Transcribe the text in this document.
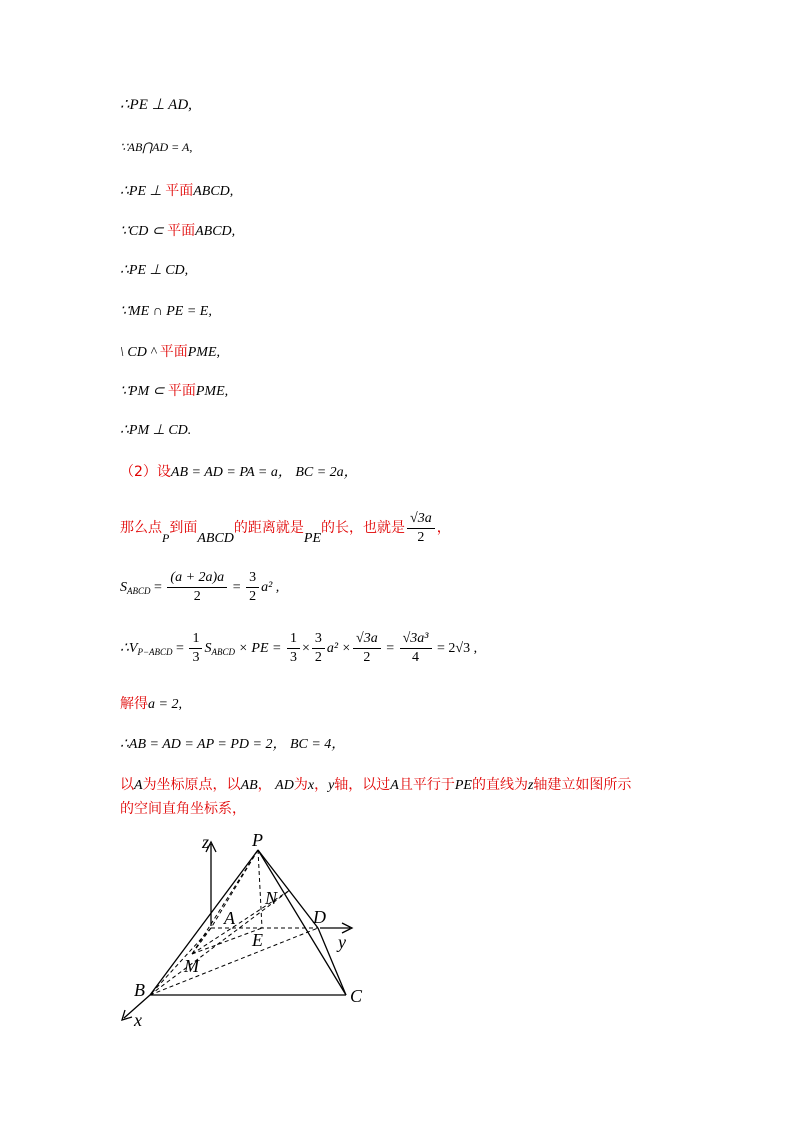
∴PE ⊥ AD,
∵AB⋂AD = A,
∴PE ⊥ 平面ABCD,
∵CD ⊂ 平面ABCD,
∴PE ⊥ CD,
∵ME ∩ PE = E,
\ CD ^ 平面PME,
∵PM ⊂ 平面PME,
∴PM ⊥ CD.
（2）设AB = AD = PA = a， BC = 2a，
那么点P到面ABCD的距离就是PE的长，也就是 $\frac{√3a}{2}$ ，
$S_{ABCD} = \frac{(a + 2a)a}{2} = \frac{3}{2} a^2$ ,
$\therefore V_{P-ABCD} = \frac{1}{3} S_{ABCD}$ × PE = $\frac{1}{3} \times \frac{3}{2} a^2 \times \frac{√3a}{2} = \frac{\text{√3a³}}{4} = 2√3$ ,
解得a = 2,
∴AB = AD = AP = PD = 2， BC = 4，
以A为坐标原点，以AB， AD为x，y轴，以过A且平行于PE的直线为z轴建立如图所示
的空间直角坐标系，
z P
N
A	D
y
E
M
B	C
x
